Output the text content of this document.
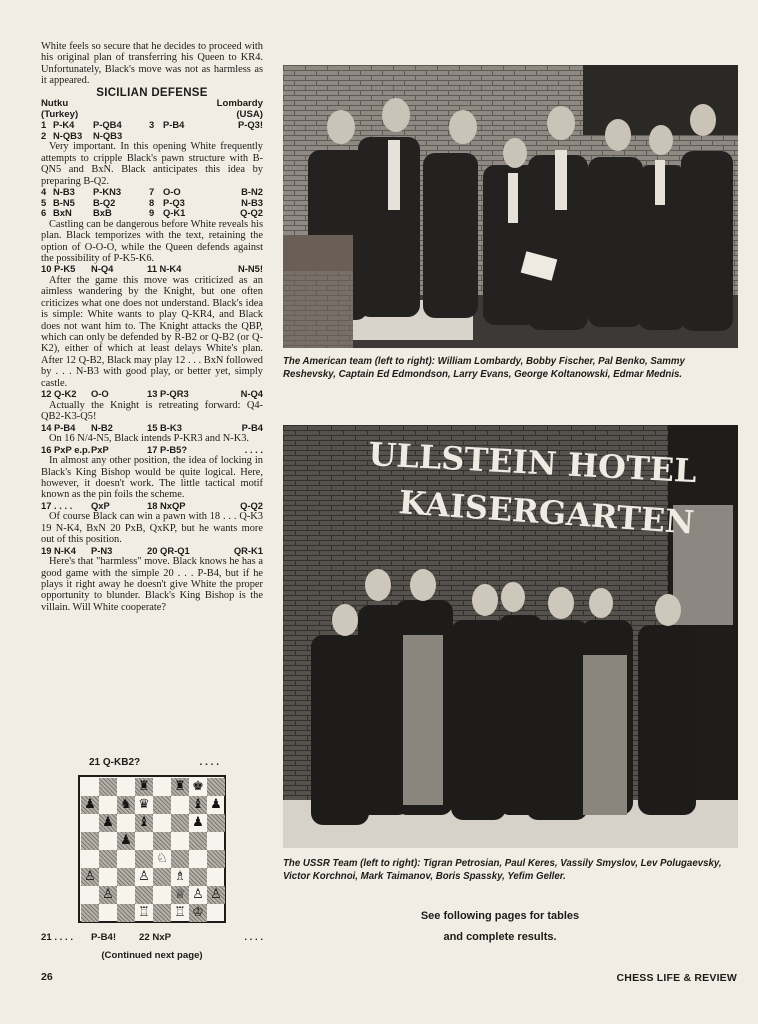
White feels so secure that he decides to proceed with his original plan of transferring his Queen to KR4. Unfortunately, Black's move was not as harmless as it appeared.

SICILIAN DEFENSE
Nutku	Lombardy
(Turkey)	(USA)
1 P-K4	P-QB4	3 P-B4	P-Q3!
2 N-QB3	N-QB3

Very important. In this opening White frequently attempts to cripple Black's pawn structure with B-QN5 and BxN. Black anticipates this idea by preparing B-Q2.

4 N-B3	P-KN3	7 O-O	B-N2
5 B-N5	B-Q2	8 P-Q3	N-B3
6 BxN	BxB	9 Q-K1	Q-Q2

Castling can be dangerous before White reveals his plan. Black temporizes with the text, retaining the option of O-O-O, while the Queen defends against the possibility of P-K5-K6.

10 P-K5	N-Q4	11 N-K4	N-N5!

After the game this move was criticized as an aimless wandering by the Knight, but one often criticizes what one does not understand. Black's idea is simple: White wants to play Q-KR4, and Black does not want him to. The Knight attacks the QBP, which can only be defended by R-B2 or Q-B2 (or Q-K2), either of which at least delays White's plan. After 12 Q-B2, Black may play 12 . . . BxN followed by . . . N-B3 with good play, or better yet, simply castle.

12 Q-K2	O-O	13 P-QR3	N-Q4

Actually the Knight is retreating forward: Q4-QB2-K3-Q5!

14 P-B4	N-B2	15 B-K3	P-B4

On 16 N/4-N5, Black intends P-KR3 and N-K3.

16 PxP e.p. PxP	17 P-B5?	. . . .

In almost any other position, the idea of locking in Black's King Bishop would be quite logical. Here, however, it doesn't work. The little tactical motif known as the pin foils the scheme.

17 . . . .	QxP	18 NxQP	Q-Q2

Of course Black can win a pawn with 18 . . . Q-K3 19 N-K4, BxN 20 PxB, QxKP, but he wants more out of this position.

19 N-K4	P-N3	20 QR-Q1	QR-K1

Here's that "harmless" move. Black knows he has a good game with the simple 20 . . . P-B4, but if he plays it right away he doesn't give White the proper opportunity to blunder. Black's King Bishop is the villain. Will White cooperate?

21 Q-KB2?	. . . .
♜ ♜ ♚
♟ ♞ ♛	♝ ♟
♟ ♝	♟
♟
♘
♙	♙ ♗
♙	♕ ♙ ♙
♖ ♖ ♔
21 . . . .	P-B4!	22 NxP	. . . .
(Continued next page)
The American team (left to right): William Lombardy, Bobby Fischer, Pal Benko, Sammy Reshevsky, Captain Ed Edmondson, Larry Evans, George Koltanowski, Edmar Mednis.
ULLSTEIN HOTEL
KAISERGARTEN
The USSR Team (left to right): Tigran Petrosian, Paul Keres, Vassily Smyslov, Lev Polugaevsky, Victor Korchnoi, Mark Taimanov, Boris Spassky, Yefim Geller.
See following pages for tables
and complete results.
26	CHESS LIFE & REVIEW
